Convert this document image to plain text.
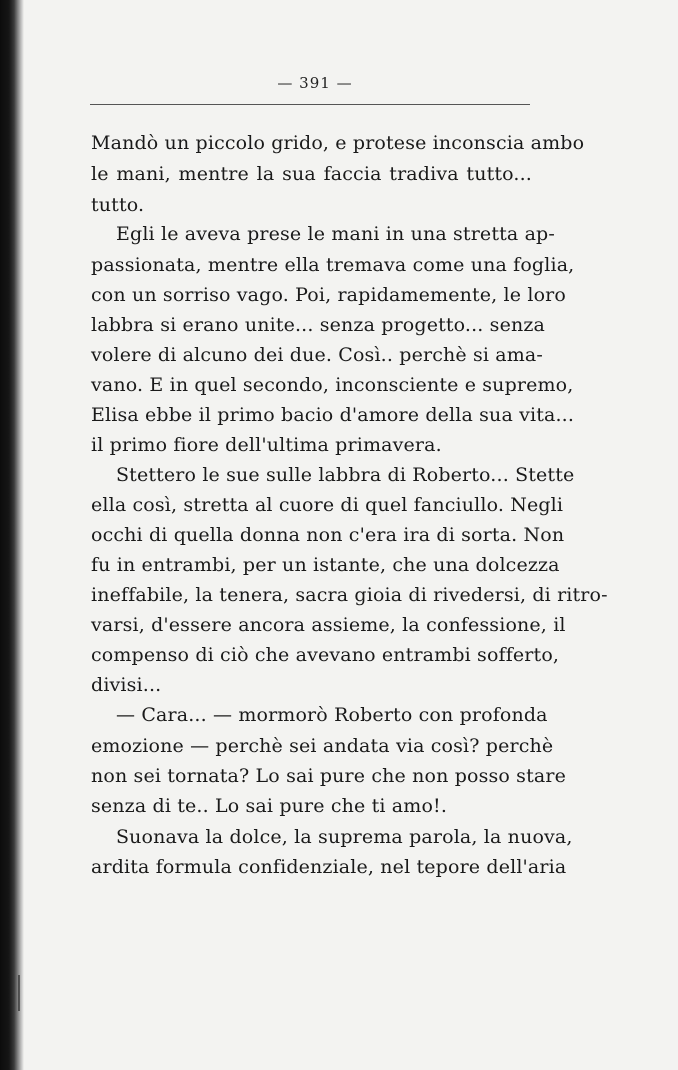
— 391 —
Mandò un piccolo grido, e protese inconscia ambo
le mani, mentre la sua faccia tradiva tutto...
tutto.
Egli le aveva prese le mani in una stretta ap-
passionata, mentre ella tremava come una foglia,
con un sorriso vago. Poi, rapidamemente, le loro
labbra si erano unite... senza progetto... senza
volere di alcuno dei due. Così.. perchè si ama-
vano. E in quel secondo, inconsciente e supremo,
Elisa ebbe il primo bacio d'amore della sua vita...
il primo fiore dell'ultima primavera.
Stettero le sue sulle labbra di Roberto... Stette
ella così, stretta al cuore di quel fanciullo. Negli
occhi di quella donna non c'era ira di sorta. Non
fu in entrambi, per un istante, che una dolcezza
ineffabile, la tenera, sacra gioia di rivedersi, di ritro-
varsi, d'essere ancora assieme, la confessione, il
compenso di ciò che avevano entrambi sofferto,
divisi...
— Cara... — mormorò Roberto con profonda
emozione — perchè sei andata via così? perchè
non sei tornata? Lo sai pure che non posso stare
senza di te.. Lo sai pure che ti amo!.
Suonava la dolce, la suprema parola, la nuova,
ardita formula confidenziale, nel tepore dell'aria
